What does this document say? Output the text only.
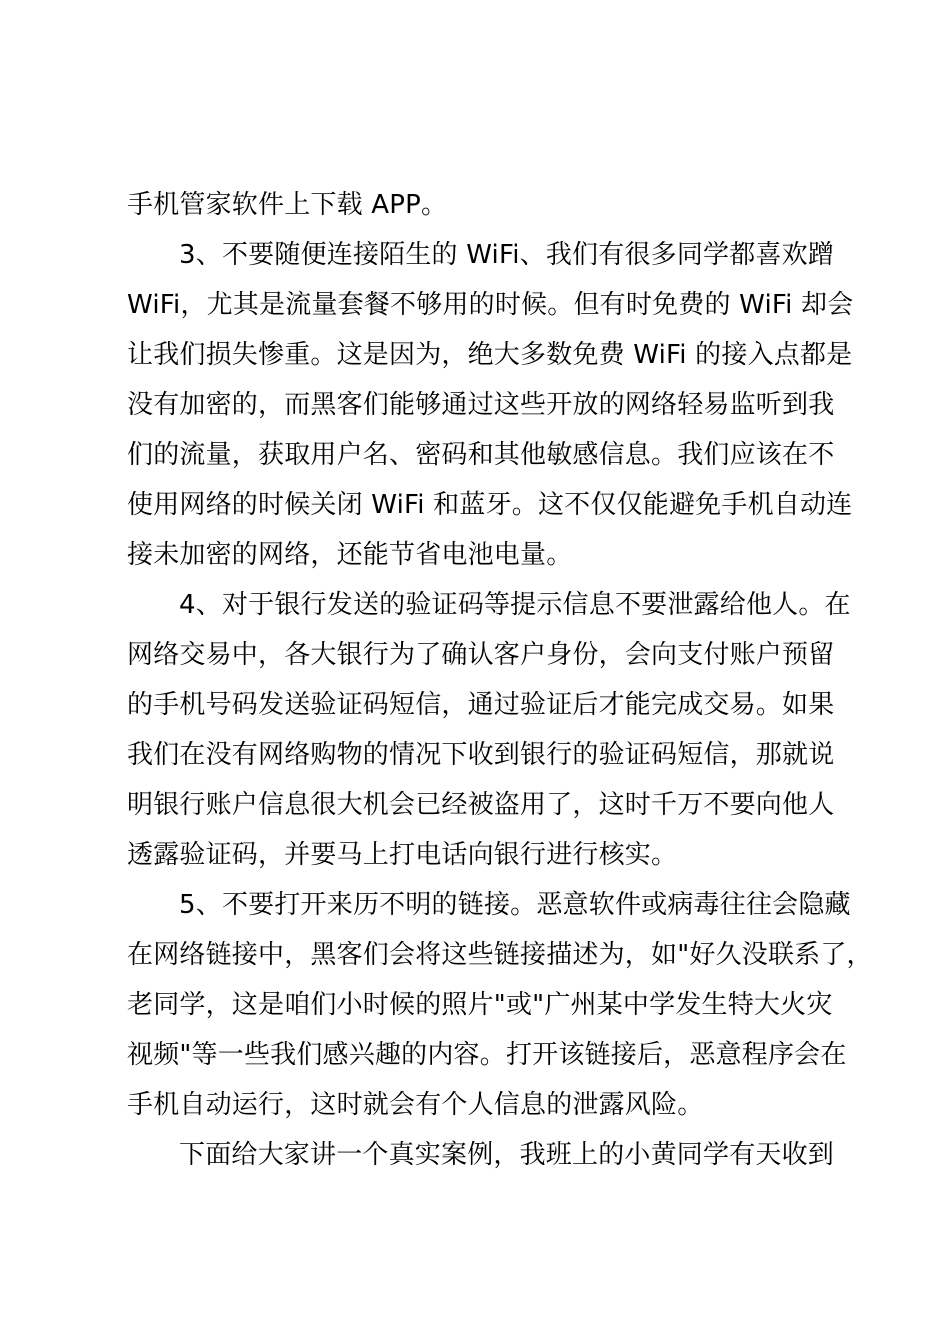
手机管家软件上下载 APP。
3、不要随便连接陌生的 WiFi、我们有很多同学都喜欢蹭
WiFi，尤其是流量套餐不够用的时候。但有时免费的 WiFi 却会
让我们损失惨重。这是因为，绝大多数免费 WiFi 的接入点都是
没有加密的，而黑客们能够通过这些开放的网络轻易监听到我
们的流量，获取用户名、密码和其他敏感信息。我们应该在不
使用网络的时候关闭 WiFi 和蓝牙。这不仅仅能避免手机自动连
接未加密的网络，还能节省电池电量。
4、对于银行发送的验证码等提示信息不要泄露给他人。在
网络交易中，各大银行为了确认客户身份，会向支付账户预留
的手机号码发送验证码短信，通过验证后才能完成交易。如果
我们在没有网络购物的情况下收到银行的验证码短信，那就说
明银行账户信息很大机会已经被盗用了，这时千万不要向他人
透露验证码，并要马上打电话向银行进行核实。
5、不要打开来历不明的链接。恶意软件或病毒往往会隐藏
在网络链接中，黑客们会将这些链接描述为，如"好久没联系了，
老同学，这是咱们小时候的照片"或"广州某中学发生特大火灾
视频"等一些我们感兴趣的内容。打开该链接后，恶意程序会在
手机自动运行，这时就会有个人信息的泄露风险。
下面给大家讲一个真实案例，我班上的小黄同学有天收到
